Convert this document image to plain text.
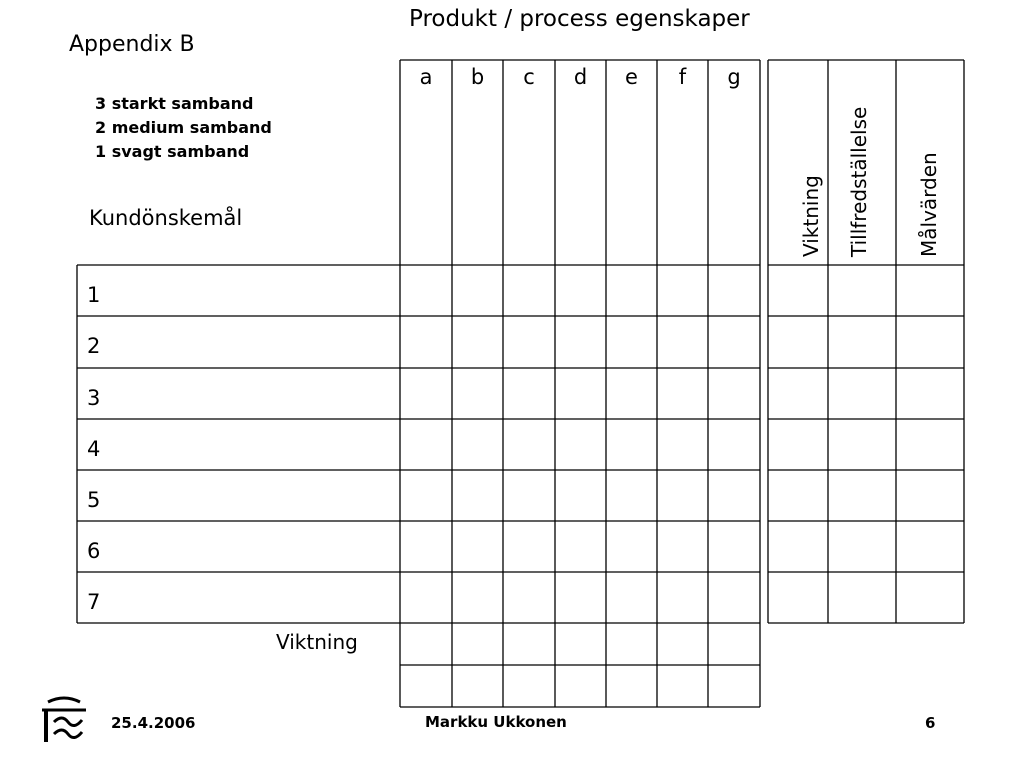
Produkt / process egenskaper
Appendix B
3 starkt samband
2 medium samband
1 svagt samband
Kundönskemål
Viktning
a b c d e f g
1
2
3
4
5
6
7
Viktning Tillfredställelse Målvärden
25.4.2006	Markku Ukkonen	6
